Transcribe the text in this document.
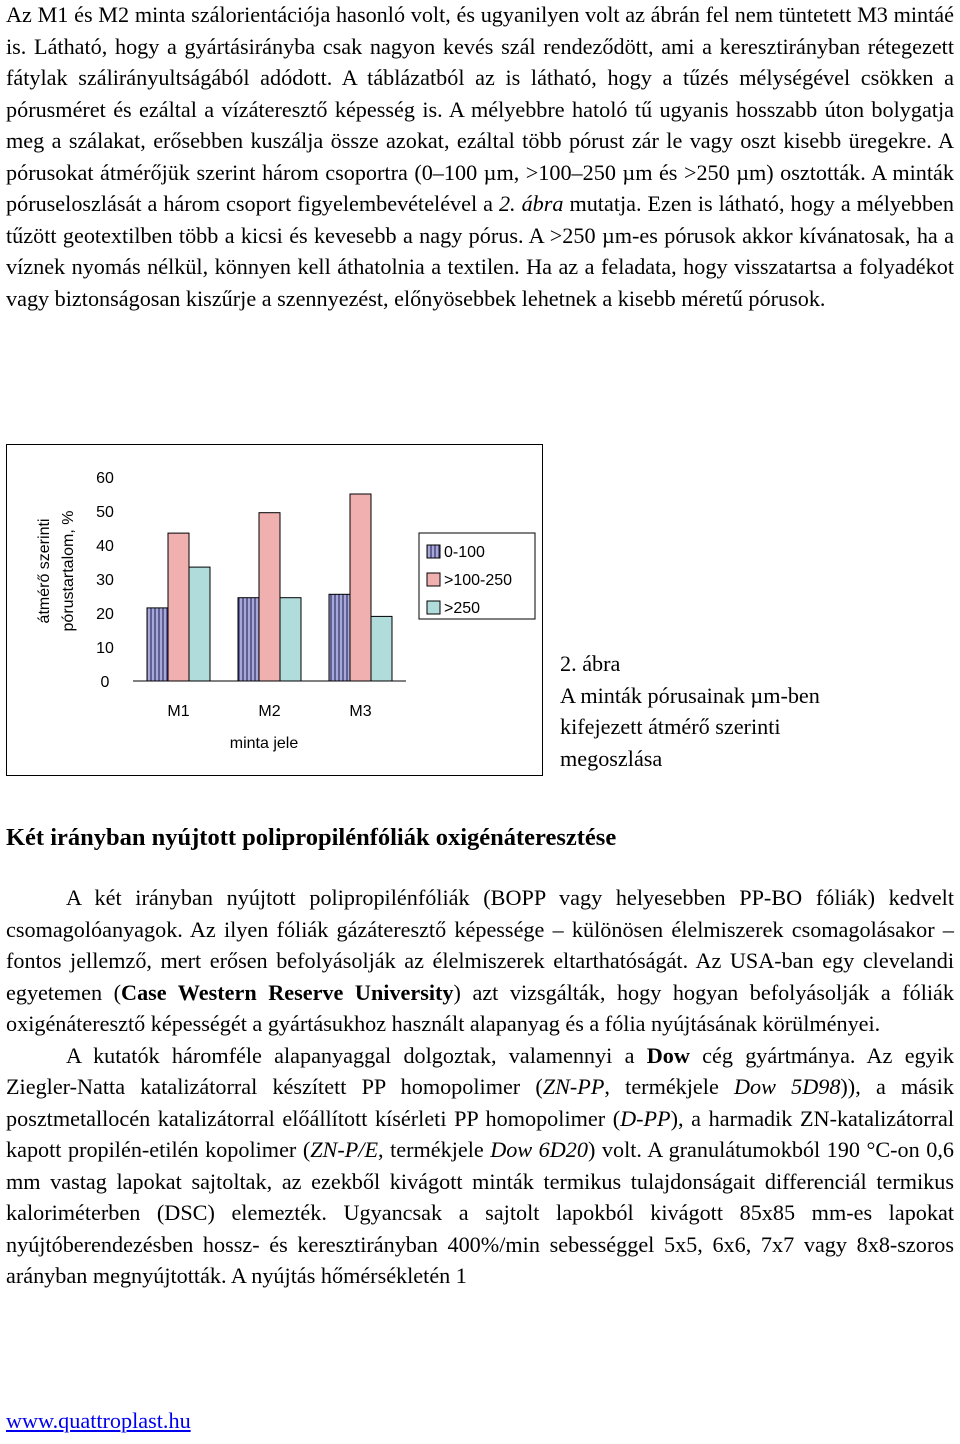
Az M1 és M2 minta szálorientációja hasonló volt, és ugyanilyen volt az ábrán fel nem tüntetett M3 mintáé is. Látható, hogy a gyártásirányba csak nagyon kevés szál rendeződött, ami a keresztirányban rétegezett fátylak szálirányultságából adódott. A táblázatból az is látható, hogy a tűzés mélységével csökken a pórusméret és ezáltal a vízáteresztő képesség is. A mélyebbre hatoló tű ugyanis hosszabb úton bolygatja meg a szálakat, erősebben kuszálja össze azokat, ezáltal több pórust zár le vagy oszt kisebb üregekre. A pórusokat átmérőjük szerint három csoportra (0–100 µm, >100–250 µm és >250 µm) osztották. A minták póruseloszlását a három csoport figyelembevételével a 2. ábra mutatja. Ezen is látható, hogy a mélyebben tűzött geotextilben több a kicsi és kevesebb a nagy pórus. A >250 µm-es pórusok akkor kívánatosak, ha a víznek nyomás nélkül, könnyen kell áthatolnia a textilen. Ha az a feladata, hogy visszatartsa a folyadékot vagy biztonságosan kiszűrje a szennyezést, előnyösebbek lehetnek a kisebb méretű pórusok.
0
10
20
30
40
50
60
M1	M2	M3
0-100
>100-250
>250
minta jele
átmérő szerinti pórustartalom, %
2. ábra
A minták pórusainak µm-ben kifejezett átmérő szerinti megoszlása
Két irányban nyújtott polipropilénfóliák oxigénáteresztése
A két irányban nyújtott polipropilénfóliák (BOPP vagy helyesebben PP-BO fóliák) kedvelt csomagolóanyagok. Az ilyen fóliák gázáteresztő képessége – különösen élelmiszerek csomagolásakor – fontos jellemző, mert erősen befolyásolják az élelmiszerek eltarthatóságát. Az USA-ban egy clevelandi egyetemen (Case Western Reserve University) azt vizsgálták, hogy hogyan befolyásolják a fóliák oxigénáteresztő képességét a gyártásukhoz használt alapanyag és a fólia nyújtásának körülményei.
A kutatók háromféle alapanyaggal dolgoztak, valamennyi a Dow cég gyártmánya. Az egyik Ziegler-Natta katalizátorral készített PP homopolimer (ZN-PP, termékjele Dow 5D98)), a másik posztmetallocén katalizátorral előállított kísérleti PP homopolimer (D-PP), a harmadik ZN-katalizátorral kapott propilén-etilén kopolimer (ZN-P/E, termékjele Dow 6D20) volt. A granulátumokból 190 °C-on 0,6 mm vastag lapokat sajtoltak, az ezekből kivágott minták termikus tulajdonságait differenciál termikus kaloriméterben (DSC) elemezték. Ugyancsak a sajtolt lapokból kivágott 85x85 mm-es lapokat nyújtóberendezésben hossz- és keresztirányban 400%/min sebességgel 5x5, 6x6, 7x7 vagy 8x8-szoros arányban megnyújtották. A nyújtás hőmérsékletén 1
www.quattroplast.hu
